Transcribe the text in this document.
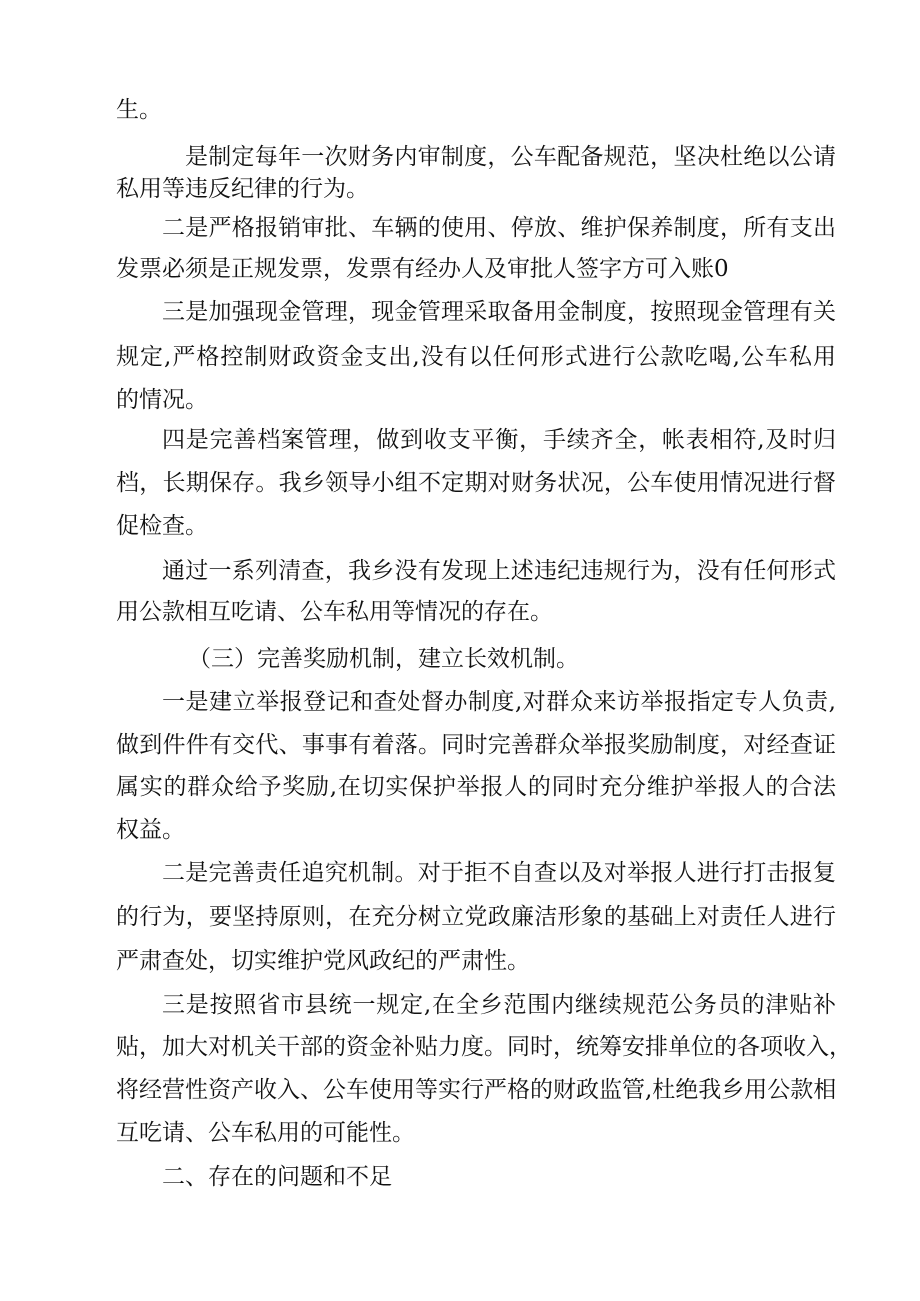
生。
是制定每年一次财务内审制度，公车配备规范，坚决杜绝以公请
私用等违反纪律的行为。
二是严格报销审批、车辆的使用、停放、维护保养制度，所有支出
发票必须是正规发票，发票有经办人及审批人签字方可入账0
三是加强现金管理，现金管理采取备用金制度，按照现金管理有关
规定,严格控制财政资金支出,没有以任何形式进行公款吃喝,公车私用
的情况。
四是完善档案管理，做到收支平衡，手续齐全，帐表相符,及时归
档，长期保存。我乡领导小组不定期对财务状况，公车使用情况进行督
促检查。
通过一系列清查，我乡没有发现上述违纪违规行为，没有任何形式
用公款相互吃请、公车私用等情况的存在。
（三）完善奖励机制，建立长效机制。
一是建立举报登记和查处督办制度,对群众来访举报指定专人负责,
做到件件有交代、事事有着落。同时完善群众举报奖励制度，对经查证
属实的群众给予奖励,在切实保护举报人的同时充分维护举报人的合法
权益。
二是完善责任追究机制。对于拒不自查以及对举报人进行打击报复
的行为，要坚持原则，在充分树立党政廉洁形象的基础上对责任人进行
严肃查处，切实维护党风政纪的严肃性。
三是按照省市县统一规定,在全乡范围内继续规范公务员的津贴补
贴，加大对机关干部的资金补贴力度。同时，统筹安排单位的各项收入，
将经营性资产收入、公车使用等实行严格的财政监管,杜绝我乡用公款相
互吃请、公车私用的可能性。
二、存在的问题和不足
